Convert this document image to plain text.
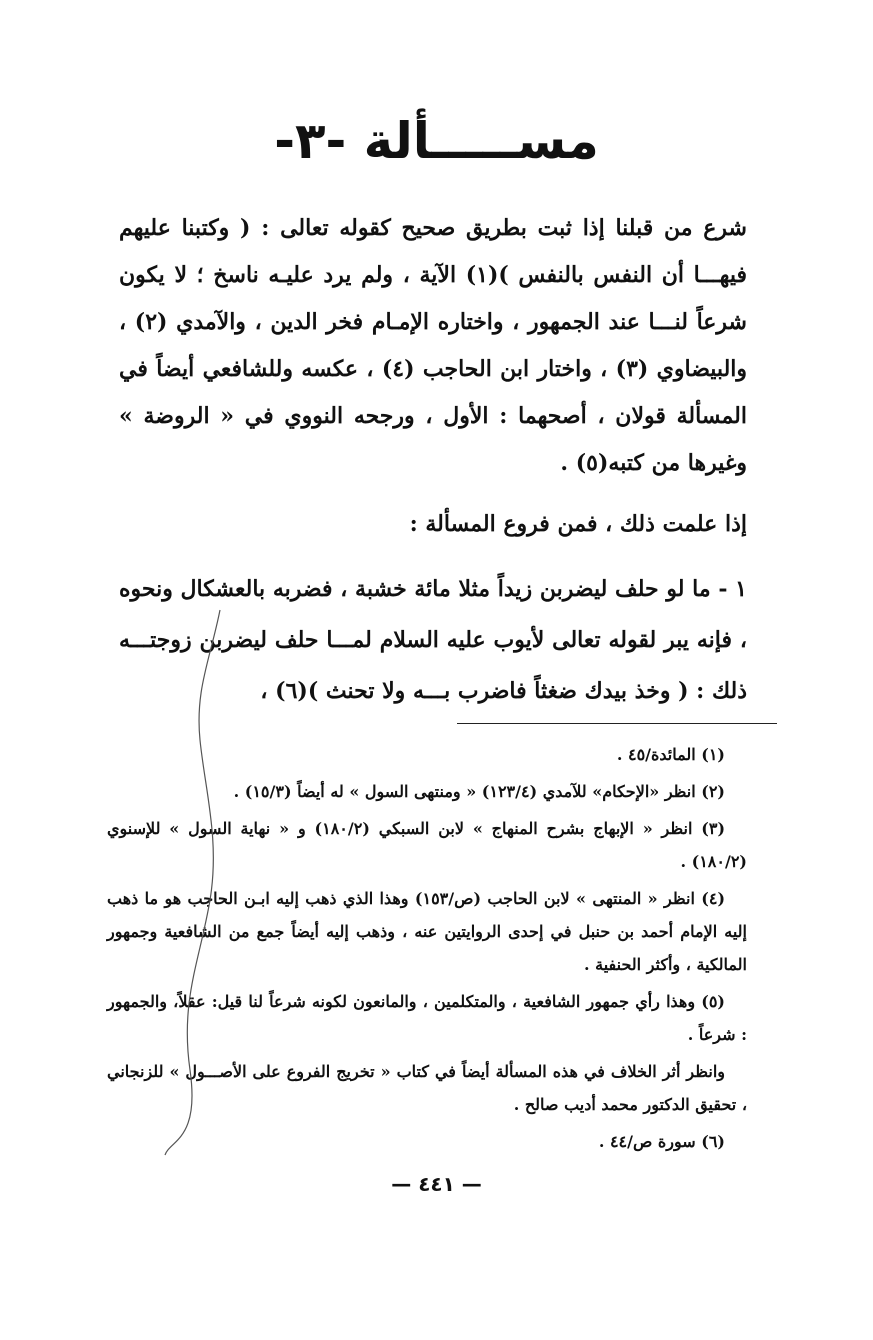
مســـــألة -٣-

شرع من قبلنا إذا ثبت بطريق صحيح كقوله تعالى : ( وكتبنا عليهم فيهـــا أن النفس بالنفس )(١) الآية ، ولم يرد عليـه ناسخ ؛ لا يكون شرعاً لنـــا عند الجمهور ، واختاره الإمـام فخر الدين ، والآمدي (٢) ، والبيضاوي (٣) ، واختار ابن الحاجب (٤) ، عكسه وللشافعي أيضاً في المسألة قولان ، أصحهما : الأول ، ورجحه النووي في « الروضة » وغيرها من كتبه(٥) .

إذا علمت ذلك ، فمن فروع المسألة :

١ - ما لو حلف ليضربن زيداً مثلا مائة خشبة ، فضربه بالعشكال ونحوه ، فإنه يبر لقوله تعالى لأيوب عليه السلام لمـــا حلف ليضربن زوجتـــه ذلك : ( وخذ بيدك ضغثاً فاضرب بـــه ولا تحنث )(٦) ،

(١) المائدة/٤٥ .

(٢) انظر «الإحكام» للآمدي (١٢٣/٤) « ومنتهى السول » له أيضاً (١٥/٣) .

(٣) انظر « الإبهاج بشرح المنهاج » لابن السبكي (١٨٠/٢) و « نهاية السول » للإسنوي (١٨٠/٢) .

(٤) انظر « المنتهى » لابن الحاجب (ص/١٥٣) وهذا الذي ذهب إليه ابـن الحاجب هو ما ذهب إليه الإمام أحمد بن حنبل في إحدى الروايتين عنه ، وذهب إليه أيضاً جمع من الشافعية وجمهور المالكية ، وأكثر الحنفية .

(٥) وهذا رأي جمهور الشافعية ، والمتكلمين ، والمانعون لكونه شرعاً لنا قيل: عقلاً، والجمهور : شرعاً .

وانظر أثر الخلاف في هذه المسألة أيضاً في كتاب « تخريج الفروع على الأصـــول » للزنجاني ، تحقيق الدكتور محمد أديب صالح .

(٦) سورة ص/٤٤ .

— ٤٤١ —
